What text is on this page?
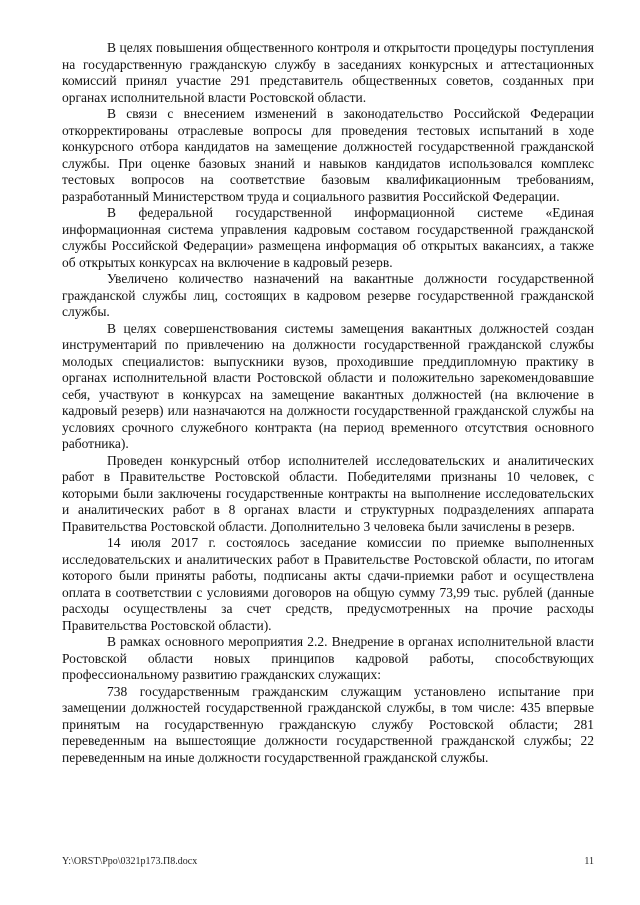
В целях повышения общественного контроля и открытости процедуры поступления на государственную гражданскую службу в заседаниях конкурсных и аттестационных комиссий принял участие 291 представитель общественных советов, созданных при органах исполнительной власти Ростовской области.

В связи с внесением изменений в законодательство Российской Федерации откорректированы отраслевые вопросы для проведения тестовых испытаний в ходе конкурсного отбора кандидатов на замещение должностей государственной гражданской службы. При оценке базовых знаний и навыков кандидатов использовался комплекс тестовых вопросов на соответствие базовым квалификационным требованиям, разработанный Министерством труда и социального развития Российской Федерации.

В федеральной государственной информационной системе «Единая информационная система управления кадровым составом государственной гражданской службы Российской Федерации» размещена информация об открытых вакансиях, а также об открытых конкурсах на включение в кадровый резерв.

Увеличено количество назначений на вакантные должности государственной гражданской службы лиц, состоящих в кадровом резерве государственной гражданской службы.

В целях совершенствования системы замещения вакантных должностей создан инструментарий по привлечению на должности государственной гражданской службы молодых специалистов: выпускники вузов, проходившие преддипломную практику в органах исполнительной власти Ростовской области и положительно зарекомендовавшие себя, участвуют в конкурсах на замещение вакантных должностей (на включение в кадровый резерв) или назначаются на должности государственной гражданской службы на условиях срочного служебного контракта (на период временного отсутствия основного работника).

Проведен конкурсный отбор исполнителей исследовательских и аналитических работ в Правительстве Ростовской области. Победителями признаны 10 человек, с которыми были заключены государственные контракты на выполнение исследовательских и аналитических работ в 8 органах власти и структурных подразделениях аппарата Правительства Ростовской области. Дополнительно 3 человека были зачислены в резерв.

14 июля 2017 г. состоялось заседание комиссии по приемке выполненных исследовательских и аналитических работ в Правительстве Ростовской области, по итогам которого были приняты работы, подписаны акты сдачи-приемки работ и осуществлена оплата в соответствии с условиями договоров на общую сумму 73,99 тыс. рублей (данные расходы осуществлены за счет средств, предусмотренных на прочие расходы Правительства Ростовской области).

В рамках основного мероприятия 2.2. Внедрение в органах исполнительной власти Ростовской области новых принципов кадровой работы, способствующих профессиональному развитию гражданских служащих:

738 государственным гражданским служащим установлено испытание при замещении должностей государственной гражданской службы, в том числе: 435 впервые принятым на государственную гражданскую службу Ростовской области; 281 переведенным на вышестоящие должности государственной гражданской службы; 22 переведенным на иные должности государственной гражданской службы.

Y:\ORST\Ppo\0321p173.П8.docx	11
